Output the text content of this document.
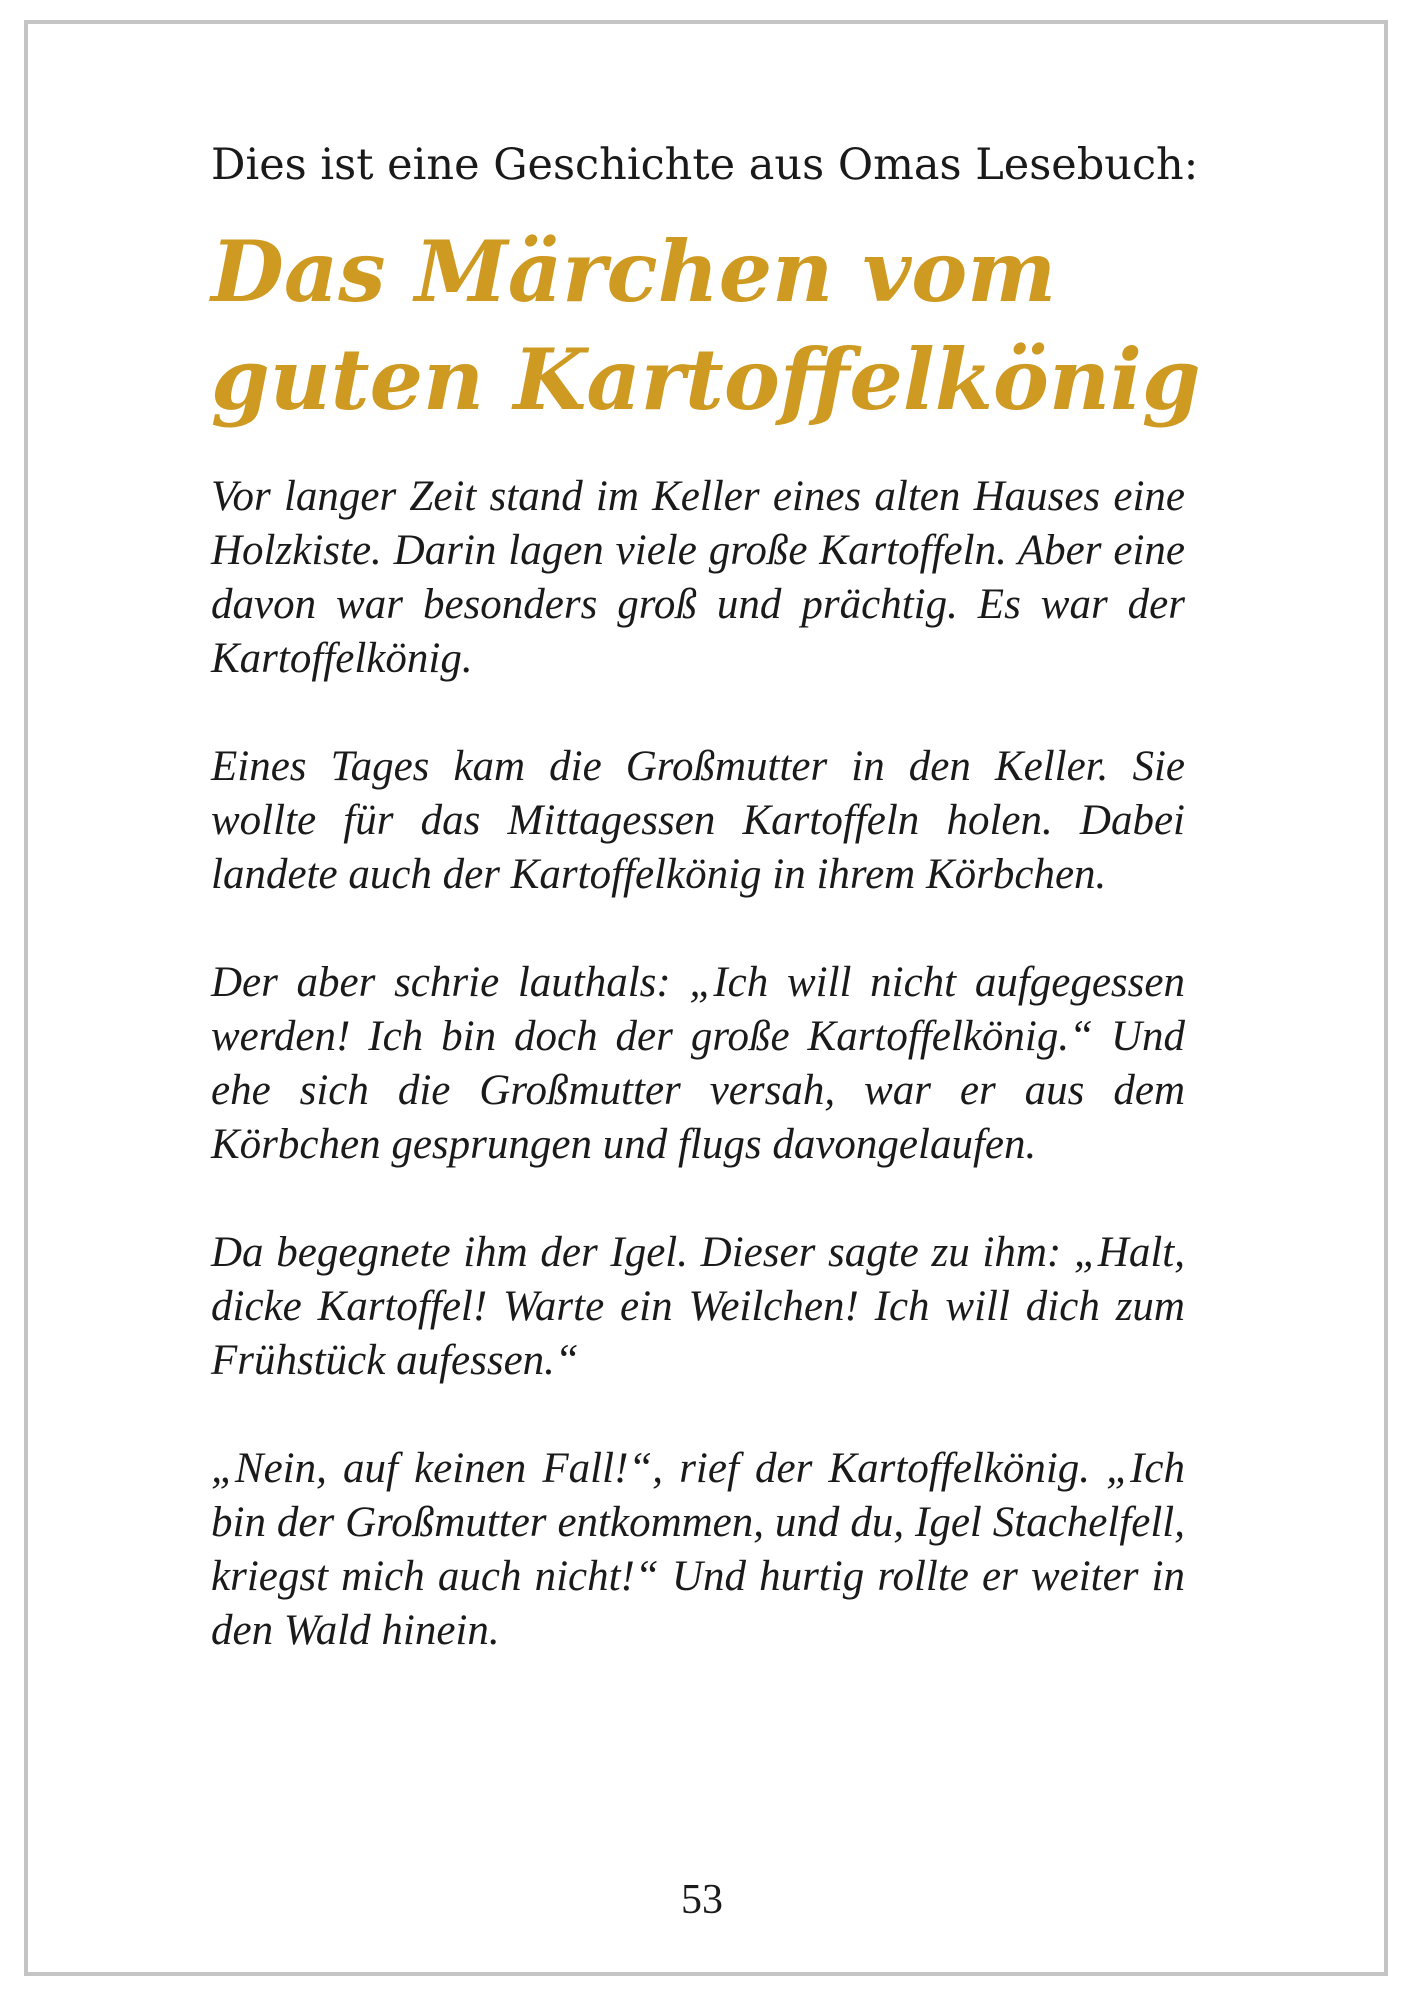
Dies ist eine Geschichte aus Omas Lesebuch:
Das Märchen vom
guten Kartoffelkönig

Vor langer Zeit stand im Keller eines alten Hauses eine Holzkiste. Darin lagen viele große Kartoffeln. Aber eine davon war besonders groß und prächtig. Es war der Kartoffelkönig.

Eines Tages kam die Großmutter in den Keller. Sie wollte für das Mittagessen Kartoffeln holen. Dabei landete auch der Kartoffelkönig in ihrem Körbchen.

Der aber schrie lauthals: „Ich will nicht aufgegessen werden! Ich bin doch der große Kartoffelkönig.“ Und ehe sich die Großmutter versah, war er aus dem Körbchen gesprungen und flugs davongelaufen.

Da begegnete ihm der Igel. Dieser sagte zu ihm: „Halt, dicke Kartoffel! Warte ein Weilchen! Ich will dich zum Frühstück aufessen.“

„Nein, auf keinen Fall!“, rief der Kartoffelkönig. „Ich bin der Großmutter entkommen, und du, Igel Stachelfell, kriegst mich auch nicht!“ Und hurtig rollte er weiter in den Wald hinein.

53
